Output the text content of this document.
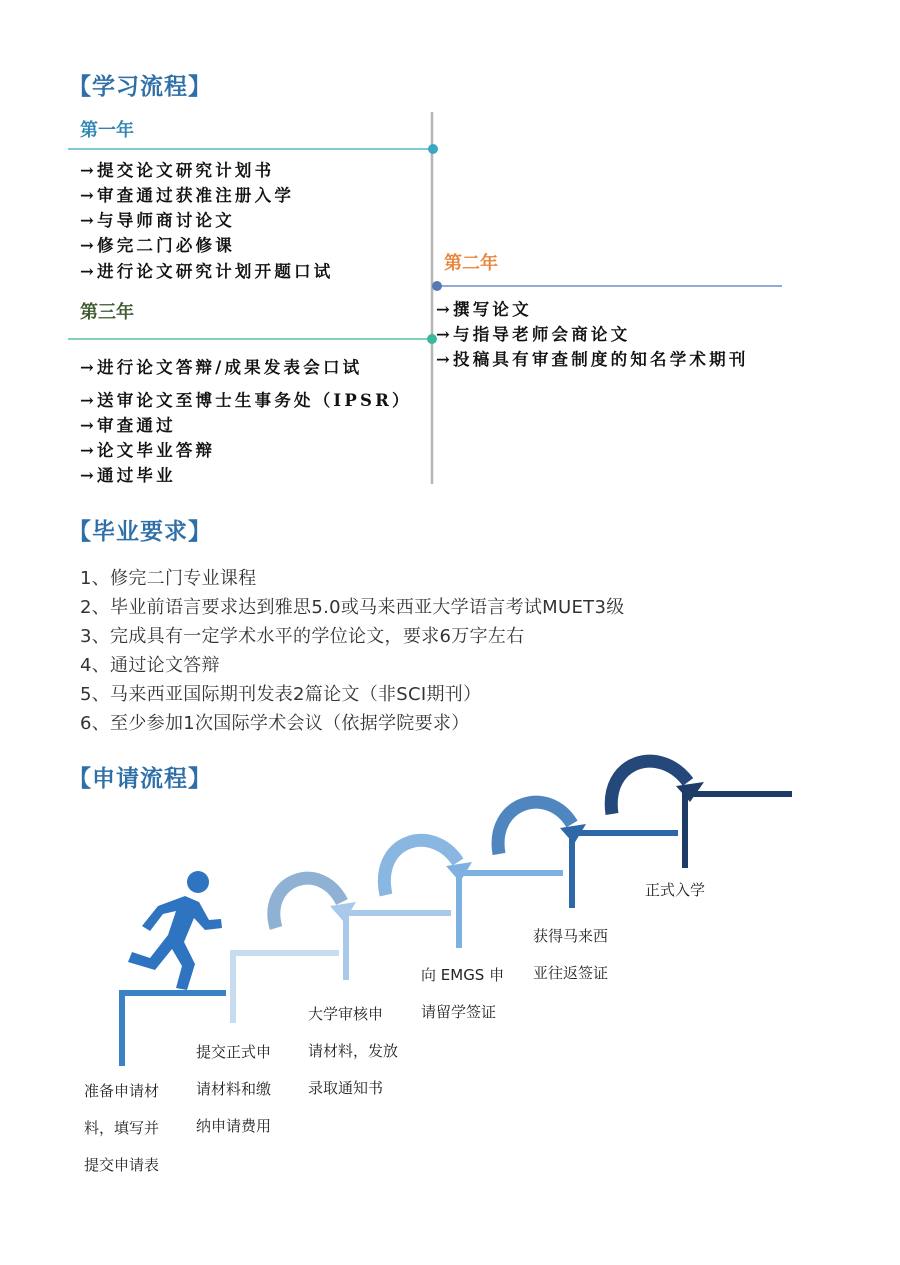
【学习流程】
第一年
→提交论文研究计划书
→审查通过获准注册入学
→与导师商讨论文
→修完二门必修课
→进行论文研究计划开题口试	第二年
→撰写论文
→与指导老师会商论文
→投稿具有审查制度的知名学术期刊
第三年
→进行论文答辩/成果发表会口试
→送审论文至博士生事务处（IPSR）
→审查通过
→论文毕业答辩
→通过毕业
【毕业要求】
1、修完二门专业课程
2、毕业前语言要求达到雅思5.0或马来西亚大学语言考试MUET3级
3、完成具有一定学术水平的学位论文，要求6万字左右
4、通过论文答辩
5、马来西亚国际期刊发表2篇论文（非SCI期刊）
6、至少参加1次国际学术会议（依据学院要求）
【申请流程】
准备申请材
料，填写并
提交申请表
提交正式申
请材料和缴
纳申请费用
大学审核申
请材料，发放
录取通知书
向 EMGS 申
请留学签证
获得马来西
亚往返签证
正式入学
